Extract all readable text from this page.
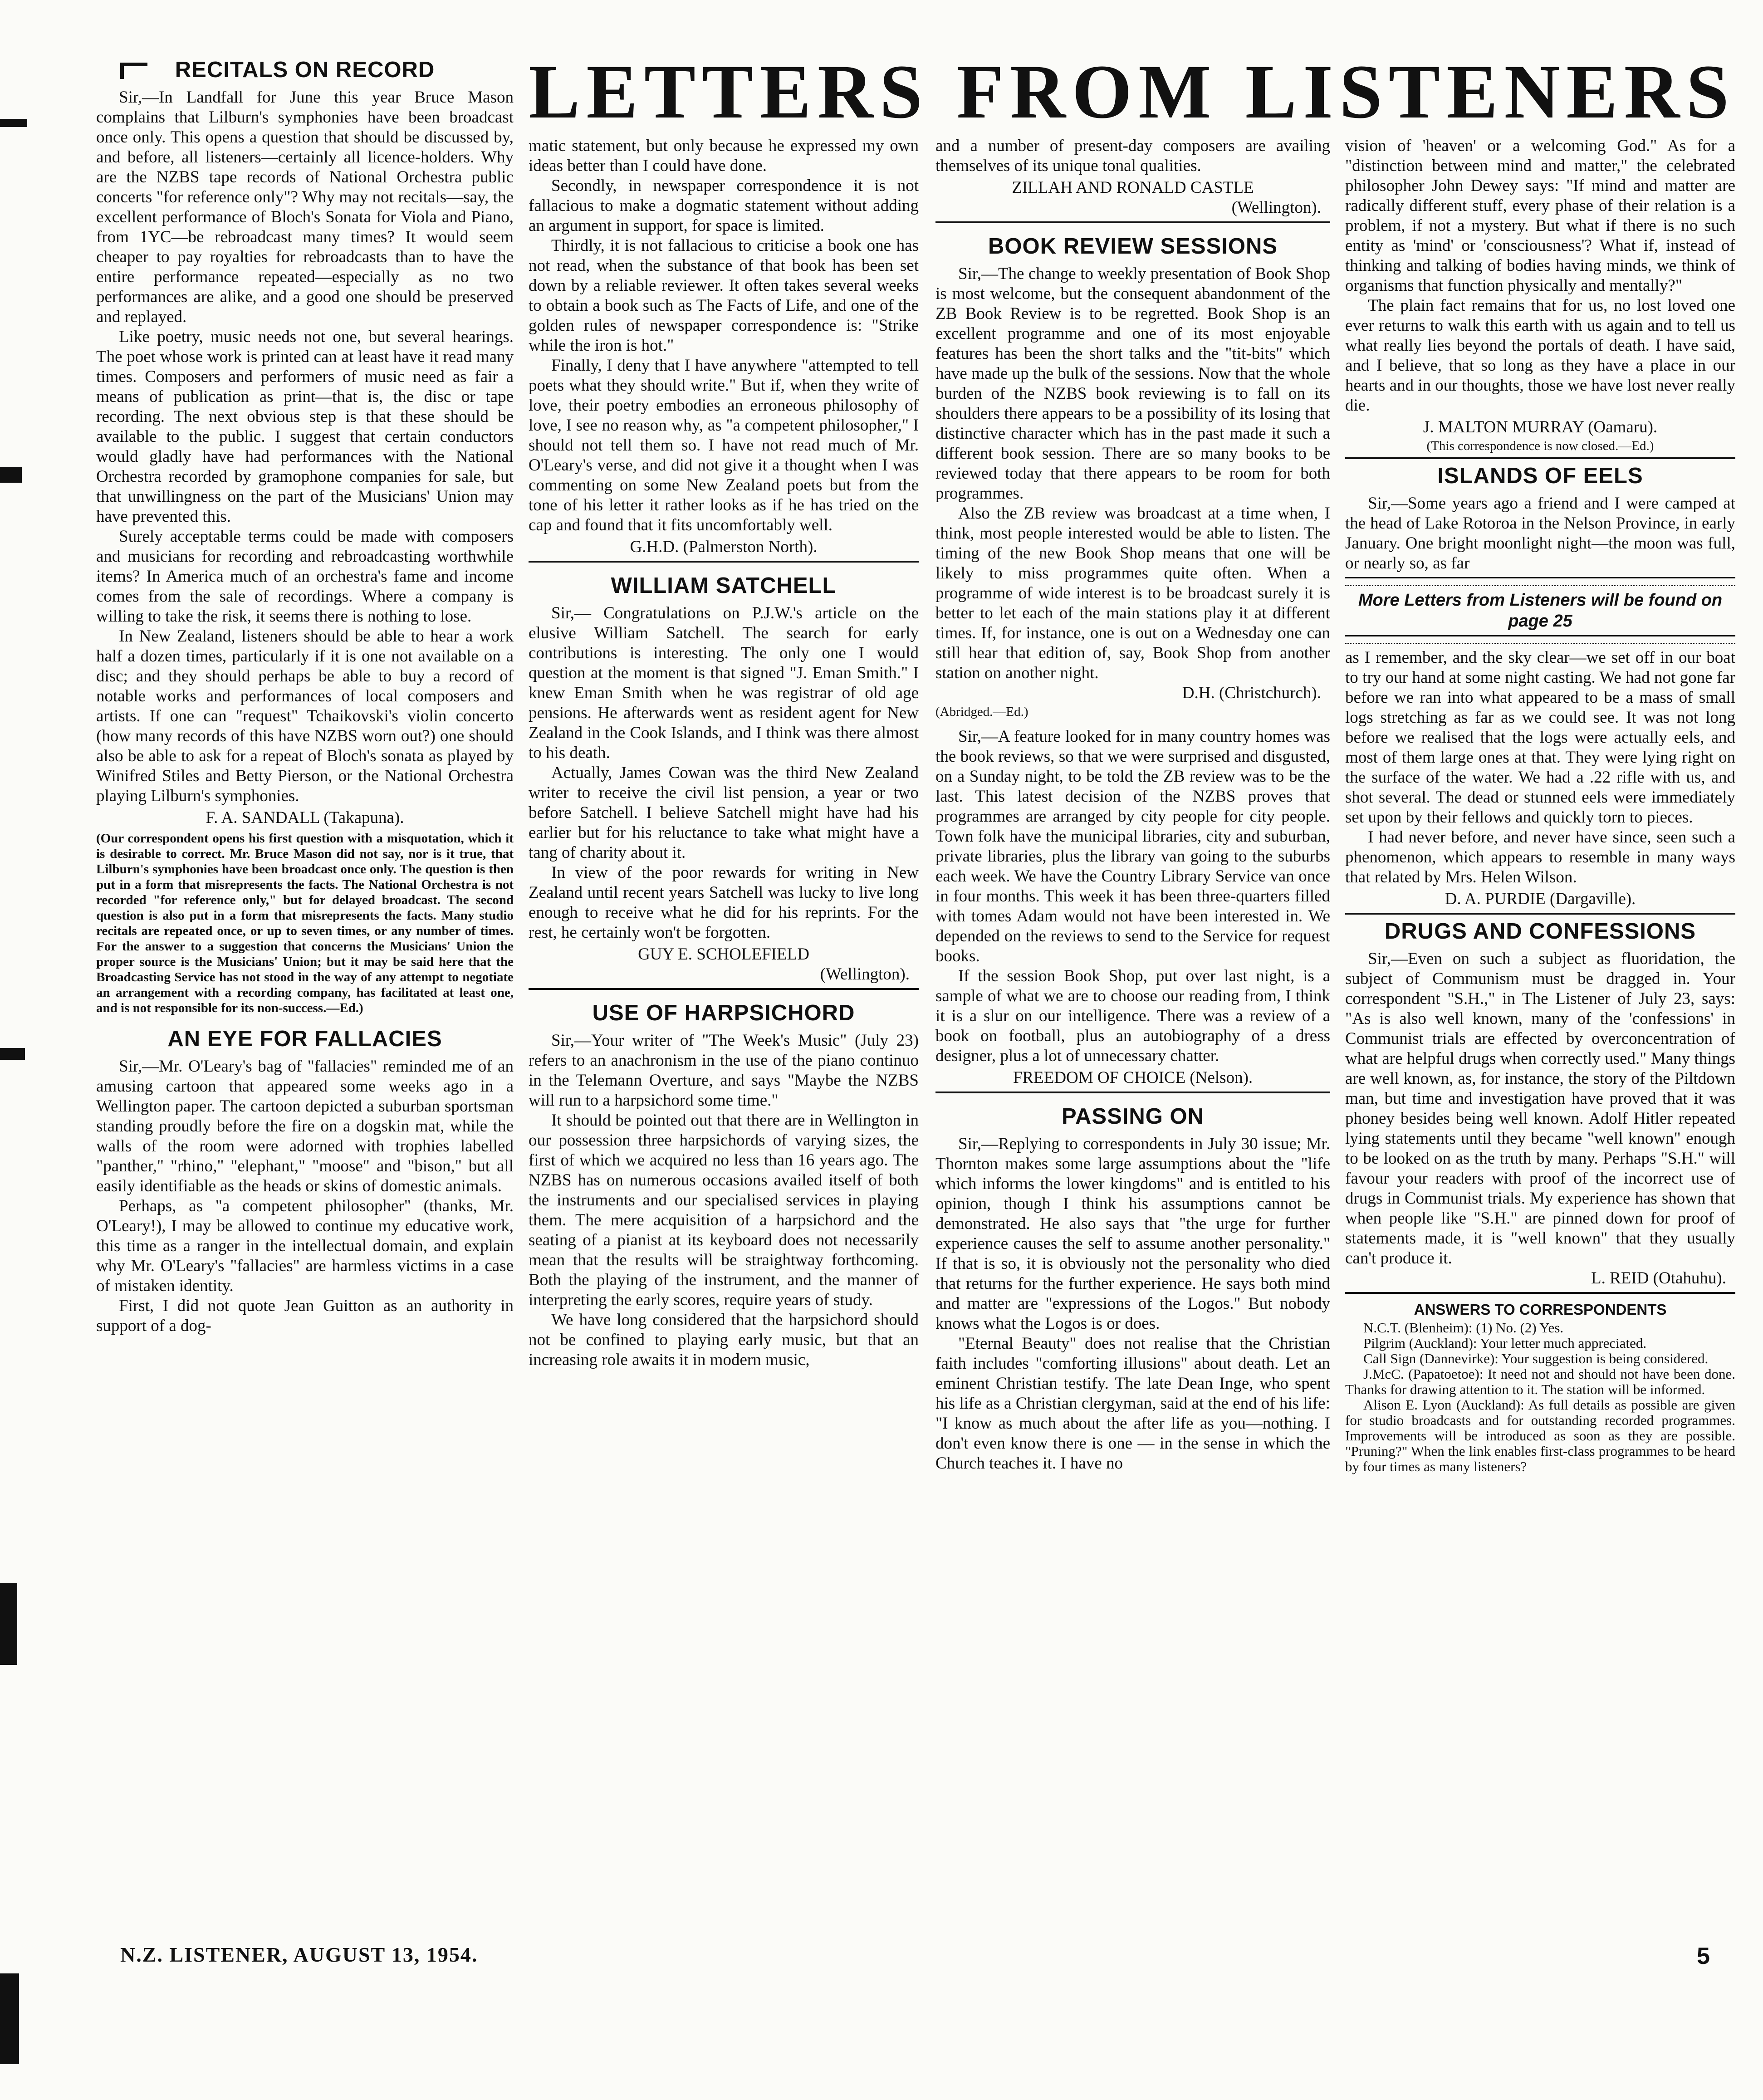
LETTERS FROM LISTENERS
RECITALS ON RECORD

Sir,—In Landfall for June this year Bruce Mason complains that Lilburn's symphonies have been broadcast once only. This opens a question that should be discussed by, and before, all listeners—certainly all licence-holders. Why are the NZBS tape records of National Orchestra public concerts "for reference only"? Why may not recitals—say, the excellent performance of Bloch's Sonata for Viola and Piano, from 1YC—be rebroadcast many times? It would seem cheaper to pay royalties for rebroadcasts than to have the entire performance repeated—especially as no two performances are alike, and a good one should be preserved and replayed.

Like poetry, music needs not one, but several hearings. The poet whose work is printed can at least have it read many times. Composers and performers of music need as fair a means of publication as print—that is, the disc or tape recording. The next obvious step is that these should be available to the public. I suggest that certain conductors would gladly have had performances with the National Orchestra recorded by gramophone companies for sale, but that unwillingness on the part of the Musicians' Union may have prevented this.

Surely acceptable terms could be made with composers and musicians for recording and rebroadcasting worthwhile items? In America much of an orchestra's fame and income comes from the sale of recordings. Where a company is willing to take the risk, it seems there is nothing to lose.

In New Zealand, listeners should be able to hear a work half a dozen times, particularly if it is one not available on a disc; and they should perhaps be able to buy a record of notable works and performances of local composers and artists. If one can "request" Tchaikovski's violin concerto (how many records of this have NZBS worn out?) one should also be able to ask for a repeat of Bloch's sonata as played by Winifred Stiles and Betty Pierson, or the National Orchestra playing Lilburn's symphonies.

F. A. SANDALL (Takapuna).
(Our correspondent opens his first question with a misquotation, which it is desirable to correct. Mr. Bruce Mason did not say, nor is it true, that Lilburn's symphonies have been broadcast once only. The question is then put in a form that misrepresents the facts. The National Orchestra is not recorded "for reference only," but for delayed broadcast. The second question is also put in a form that misrepresents the facts. Many studio recitals are repeated once, or up to seven times, or any number of times. For the answer to a suggestion that concerns the Musicians' Union the proper source is the Musicians' Union; but it may be said here that the Broadcasting Service has not stood in the way of any attempt to negotiate an arrangement with a recording company, has facilitated at least one, and is not responsible for its non-success.—Ed.)
AN EYE FOR FALLACIES

Sir,—Mr. O'Leary's bag of "fallacies" reminded me of an amusing cartoon that appeared some weeks ago in a Wellington paper. The cartoon depicted a suburban sportsman standing proudly before the fire on a dogskin mat, while the walls of the room were adorned with trophies labelled "panther," "rhino," "elephant," "moose" and "bison," but all easily identifiable as the heads or skins of domestic animals.

Perhaps, as "a competent philosopher" (thanks, Mr. O'Leary!), I may be allowed to continue my educative work, this time as a ranger in the intellectual domain, and explain why Mr. O'Leary's "fallacies" are harmless victims in a case of mistaken identity.

First, I did not quote Jean Guitton as an authority in support of a dog-

matic statement, but only because he expressed my own ideas better than I could have done.

Secondly, in newspaper correspondence it is not fallacious to make a dogmatic statement without adding an argument in support, for space is limited.

Thirdly, it is not fallacious to criticise a book one has not read, when the substance of that book has been set down by a reliable reviewer. It often takes several weeks to obtain a book such as The Facts of Life, and one of the golden rules of newspaper correspondence is: "Strike while the iron is hot."

Finally, I deny that I have anywhere "attempted to tell poets what they should write." But if, when they write of love, their poetry embodies an erroneous philosophy of love, I see no reason why, as "a competent philosopher," I should not tell them so. I have not read much of Mr. O'Leary's verse, and did not give it a thought when I was commenting on some New Zealand poets but from the tone of his letter it rather looks as if he has tried on the cap and found that it fits uncomfortably well.

G.H.D. (Palmerston North).
WILLIAM SATCHELL

Sir,— Congratulations on P.J.W.'s article on the elusive William Satchell. The search for early contributions is interesting. The only one I would question at the moment is that signed "J. Eman Smith." I knew Eman Smith when he was registrar of old age pensions. He afterwards went as resident agent for New Zealand in the Cook Islands, and I think was there almost to his death.

Actually, James Cowan was the third New Zealand writer to receive the civil list pension, a year or two before Satchell. I believe Satchell might have had his earlier but for his reluctance to take what might have a tang of charity about it.

In view of the poor rewards for writing in New Zealand until recent years Satchell was lucky to live long enough to receive what he did for his reprints. For the rest, he certainly won't be forgotten.

GUY E. SCHOLEFIELD
(Wellington).
USE OF HARPSICHORD

Sir,—Your writer of "The Week's Music" (July 23) refers to an anachronism in the use of the piano continuo in the Telemann Overture, and says "Maybe the NZBS will run to a harpsichord some time."

It should be pointed out that there are in Wellington in our possession three harpsichords of varying sizes, the first of which we acquired no less than 16 years ago. The NZBS has on numerous occasions availed itself of both the instruments and our specialised services in playing them. The mere acquisition of a harpsichord and the seating of a pianist at its keyboard does not necessarily mean that the results will be straightway forthcoming. Both the playing of the instrument, and the manner of interpreting the early scores, require years of study.

We have long considered that the harpsichord should not be confined to playing early music, but that an increasing role awaits it in modern music,

and a number of present-day composers are availing themselves of its unique tonal qualities.

ZILLAH AND RONALD CASTLE
(Wellington).
BOOK REVIEW SESSIONS

Sir,—The change to weekly presentation of Book Shop is most welcome, but the consequent abandonment of the ZB Book Review is to be regretted. Book Shop is an excellent programme and one of its most enjoyable features has been the short talks and the "tit-bits" which have made up the bulk of the sessions. Now that the whole burden of the NZBS book reviewing is to fall on its shoulders there appears to be a possibility of its losing that distinctive character which has in the past made it such a different book session. There are so many books to be reviewed today that there appears to be room for both programmes.

Also the ZB review was broadcast at a time when, I think, most people interested would be able to listen. The timing of the new Book Shop means that one will be likely to miss programmes quite often. When a programme of wide interest is to be broadcast surely it is better to let each of the main stations play it at different times. If, for instance, one is out on a Wednesday one can still hear that edition of, say, Book Shop from another station on another night.

D.H. (Christchurch).
(Abridged.—Ed.)

Sir,—A feature looked for in many country homes was the book reviews, so that we were surprised and disgusted, on a Sunday night, to be told the ZB review was to be the last. This latest decision of the NZBS proves that programmes are arranged by city people for city people. Town folk have the municipal libraries, city and suburban, private libraries, plus the library van going to the suburbs each week. We have the Country Library Service van once in four months. This week it has been three-quarters filled with tomes Adam would not have been interested in. We depended on the reviews to send to the Service for request books.

If the session Book Shop, put over last night, is a sample of what we are to choose our reading from, I think it is a slur on our intelligence. There was a review of a book on football, plus an autobiography of a dress designer, plus a lot of unnecessary chatter.

FREEDOM OF CHOICE (Nelson).
PASSING ON

Sir,—Replying to correspondents in July 30 issue; Mr. Thornton makes some large assumptions about the "life which informs the lower kingdoms" and is entitled to his opinion, though I think his assumptions cannot be demonstrated. He also says that "the urge for further experience causes the self to assume another personality." If that is so, it is obviously not the personality who died that returns for the further experience. He says both mind and matter are "expressions of the Logos." But nobody knows what the Logos is or does.

"Eternal Beauty" does not realise that the Christian faith includes "comforting illusions" about death. Let an eminent Christian testify. The late Dean Inge, who spent his life as a Christian clergyman, said at the end of his life: "I know as much about the after life as you—nothing. I don't even know there is one — in the sense in which the Church teaches it. I have no

vision of 'heaven' or a welcoming God." As for a "distinction between mind and matter," the celebrated philosopher John Dewey says: "If mind and matter are radically different stuff, every phase of their relation is a problem, if not a mystery. But what if there is no such entity as 'mind' or 'consciousness'? What if, instead of thinking and talking of bodies having minds, we think of organisms that function physically and mentally?"

The plain fact remains that for us, no lost loved one ever returns to walk this earth with us again and to tell us what really lies beyond the portals of death. I have said, and I believe, that so long as they have a place in our hearts and in our thoughts, those we have lost never really die.

J. MALTON MURRAY (Oamaru).
(This correspondence is now closed.—Ed.)
ISLANDS OF EELS

Sir,—Some years ago a friend and I were camped at the head of Lake Rotoroa in the Nelson Province, in early January. One bright moonlight night—the moon was full, or nearly so, as far

More Letters from Listeners will be found on page 25

as I remember, and the sky clear—we set off in our boat to try our hand at some night casting. We had not gone far before we ran into what appeared to be a mass of small logs stretching as far as we could see. It was not long before we realised that the logs were actually eels, and most of them large ones at that. They were lying right on the surface of the water. We had a .22 rifle with us, and shot several. The dead or stunned eels were immediately set upon by their fellows and quickly torn to pieces.

I had never before, and never have since, seen such a phenomenon, which appears to resemble in many ways that related by Mrs. Helen Wilson.

D. A. PURDIE (Dargaville).
DRUGS AND CONFESSIONS

Sir,—Even on such a subject as fluoridation, the subject of Communism must be dragged in. Your correspondent "S.H.," in The Listener of July 23, says: "As is also well known, many of the 'confessions' in Communist trials are effected by overconcentration of what are helpful drugs when correctly used." Many things are well known, as, for instance, the story of the Piltdown man, but time and investigation have proved that it was phoney besides being well known. Adolf Hitler repeated lying statements until they became "well known" enough to be looked on as the truth by many. Perhaps "S.H." will favour your readers with proof of the incorrect use of drugs in Communist trials. My experience has shown that when people like "S.H." are pinned down for proof of statements made, it is "well known" that they usually can't produce it.

L. REID (Otahuhu).
ANSWERS TO CORRESPONDENTS

N.C.T. (Blenheim): (1) No. (2) Yes.

Pilgrim (Auckland): Your letter much appreciated.

Call Sign (Dannevirke): Your suggestion is being considered.

J.McC. (Papatoetoe): It need not and should not have been done. Thanks for drawing attention to it. The station will be informed.

Alison E. Lyon (Auckland): As full details as possible are given for studio broadcasts and for outstanding recorded programmes. Improvements will be introduced as soon as they are possible. "Pruning?" When the link enables first-class programmes to be heard by four times as many listeners?

N.Z. LISTENER, AUGUST 13, 1954.	5
